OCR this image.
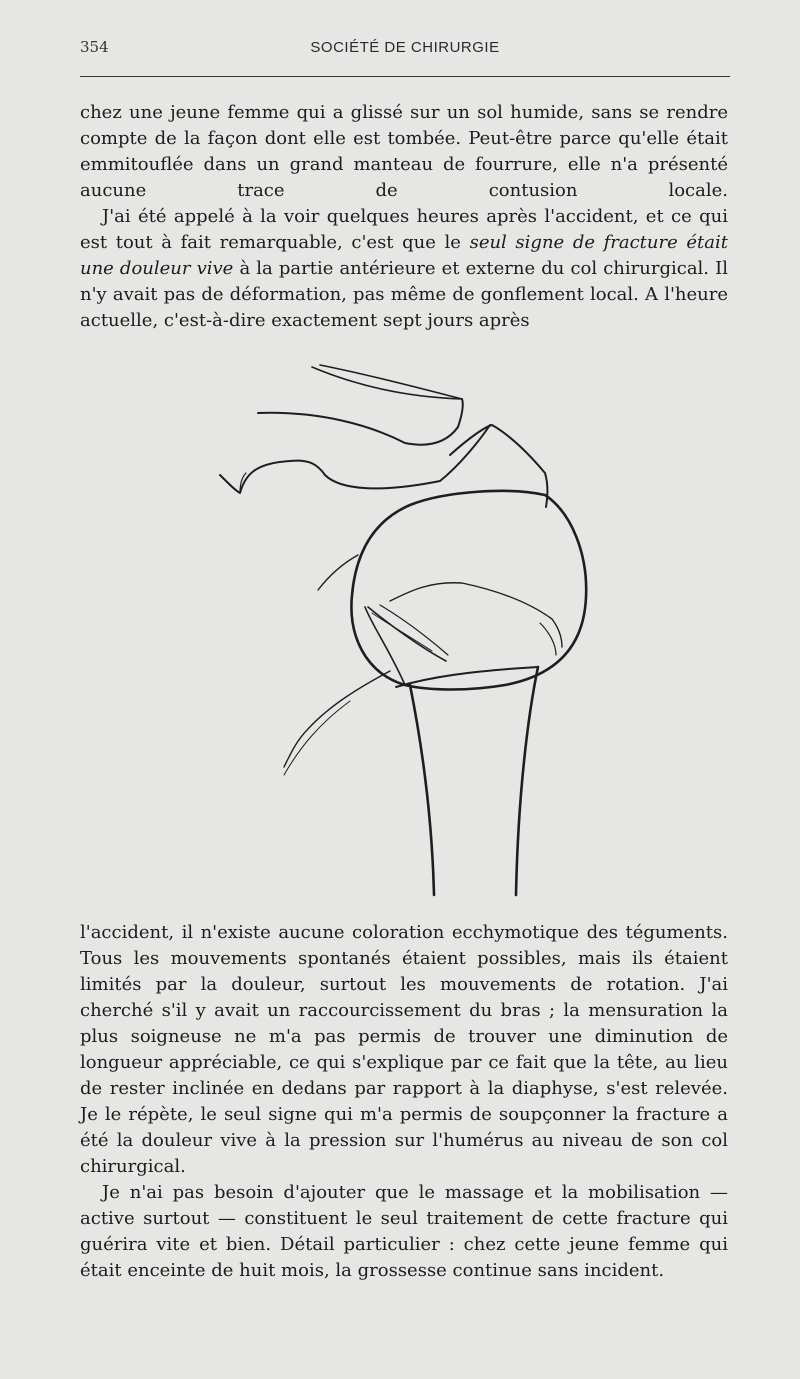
354	SOCIÉTÉ DE CHIRURGIE

chez une jeune femme qui a glissé sur un sol humide, sans se rendre compte de la façon dont elle est tombée. Peut-être parce qu'elle était emmitouflée dans un grand manteau de fourrure, elle n'a présenté aucune trace de contusion locale.

J'ai été appelé à la voir quelques heures après l'accident, et ce qui est tout à fait remarquable, c'est que le seul signe de fracture était une douleur vive à la partie antérieure et externe du col chirurgical. Il n'y avait pas de déformation, pas même de gonflement local. A l'heure actuelle, c'est-à-dire exactement sept jours après

l'accident, il n'existe aucune coloration ecchymotique des téguments. Tous les mouvements spontanés étaient possibles, mais ils étaient limités par la douleur, surtout les mouvements de rotation. J'ai cherché s'il y avait un raccourcissement du bras ; la mensuration la plus soigneuse ne m'a pas permis de trouver une diminution de longueur appréciable, ce qui s'explique par ce fait que la tête, au lieu de rester inclinée en dedans par rapport à la diaphyse, s'est relevée. Je le répète, le seul signe qui m'a permis de soupçonner la fracture a été la douleur vive à la pression sur l'humérus au niveau de son col chirurgical.

Je n'ai pas besoin d'ajouter que le massage et la mobilisation — active surtout — constituent le seul traitement de cette fracture qui guérira vite et bien. Détail particulier : chez cette jeune femme qui était enceinte de huit mois, la grossesse continue sans incident.
